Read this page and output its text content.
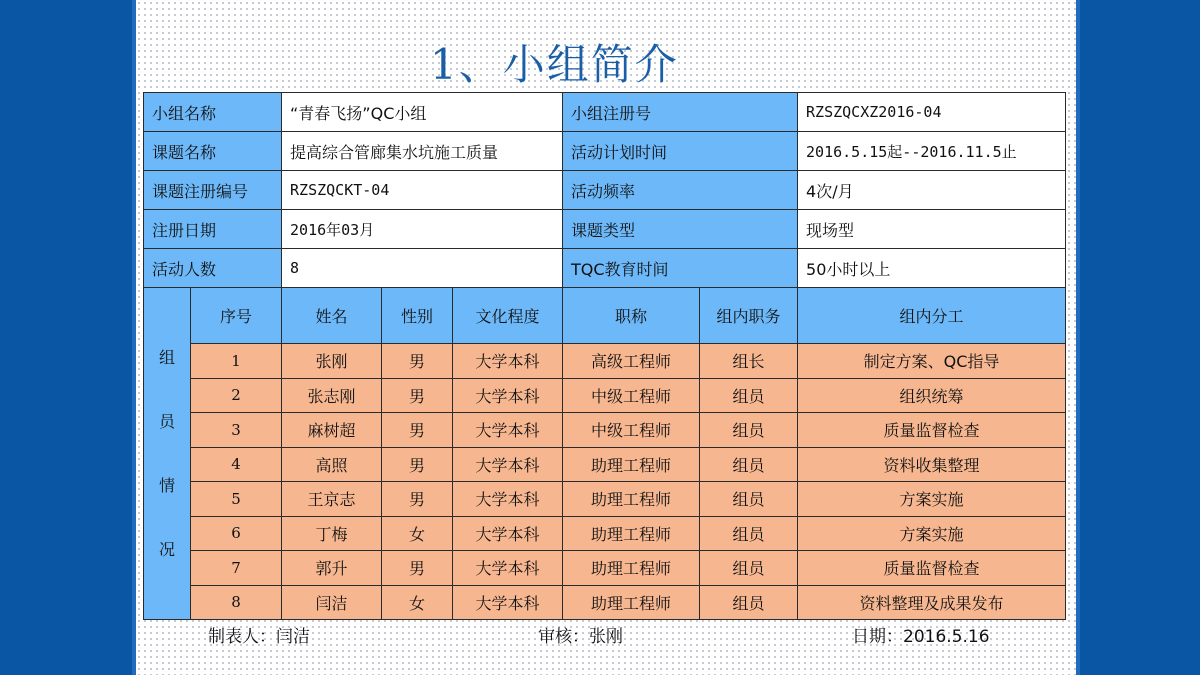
1、小组简介
小组名称		“青春飞扬”QC小组			小组注册号		RZSZQCXZ2016-04
课题名称		提高综合管廊集水坑施工质量			活动计划时间		2016.5.15起--2016.11.5止
课题注册编号		RZSZQCKT-04			活动频率		4次/月
注册日期		2016年03月			课题类型		现场型
活动人数		8			TQC教育时间		50小时以上
组
员
情
况	序号	姓名	性别	文化程度	职称	组内职务	组内分工
	1	张刚	男	大学本科	高级工程师	组长	制定方案、QC指导
	2	张志刚	男	大学本科	中级工程师	组员	组织统筹
	3	麻树超	男	大学本科	中级工程师	组员	质量监督检查
	4	高照	男	大学本科	助理工程师	组员	资料收集整理
	5	王京志	男	大学本科	助理工程师	组员	方案实施
	6	丁梅	女	大学本科	助理工程师	组员	方案实施
	7	郭升	男	大学本科	助理工程师	组员	质量监督检查
	8	闫洁	女	大学本科	助理工程师	组员	资料整理及成果发布
制表人：闫洁	审核：张刚	日期：2016.5.16
